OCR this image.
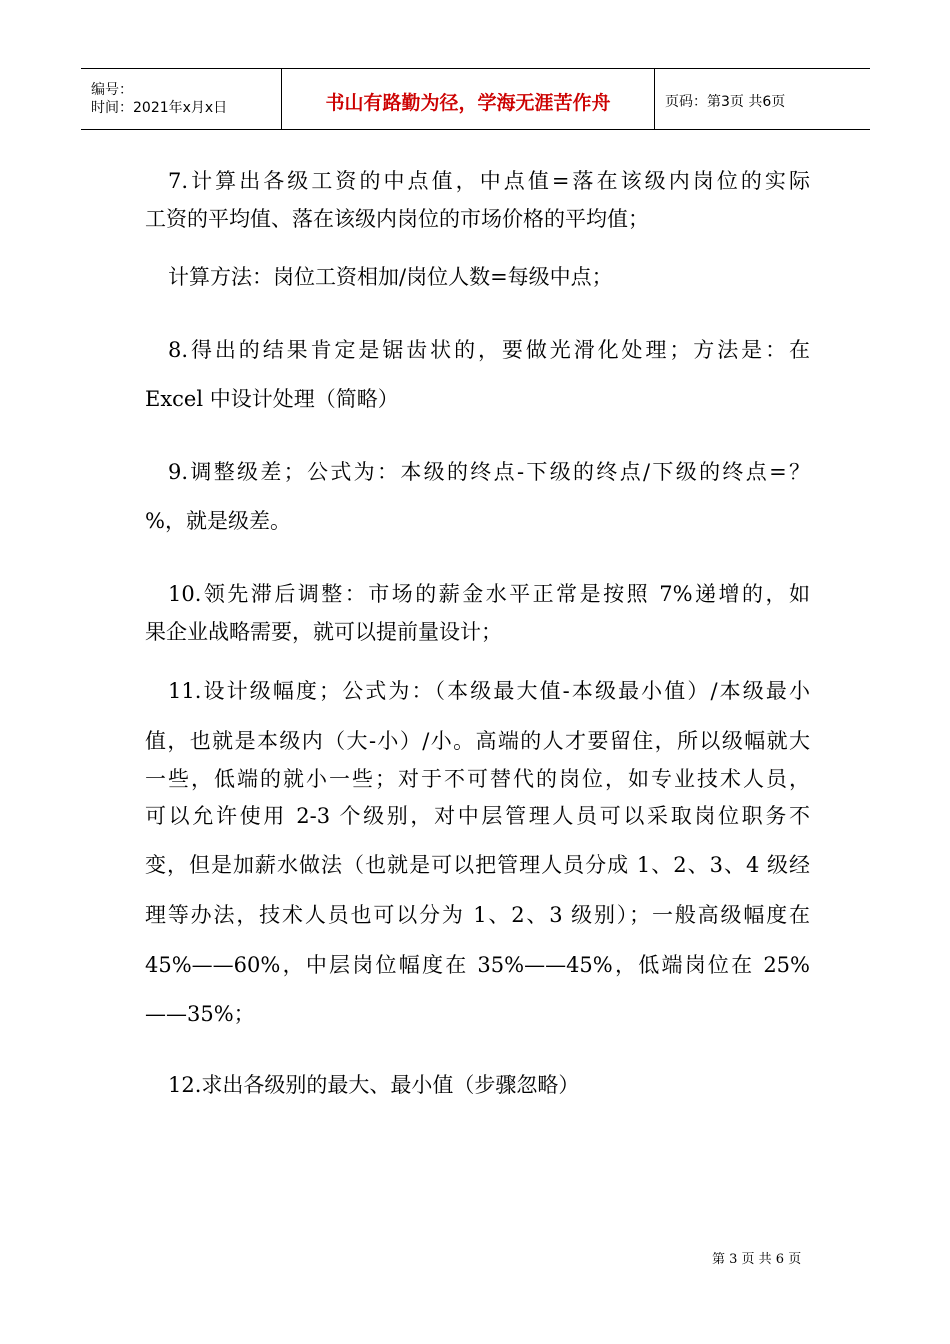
编号：
时间：2021年x月x日	书山有路勤为径，学海无涯苦作舟	页码：第3页 共6页
7.计算出各级工资的中点值，中点值=落在该级内岗位的实际
工资的平均值、落在该级内岗位的市场价格的平均值；
计算方法：岗位工资相加/岗位人数=每级中点；
8.得出的结果肯定是锯齿状的，要做光滑化处理；方法是：在
Excel 中设计处理（简略）
9.调整级差；公式为：本级的终点-下级的终点/下级的终点=？
%，就是级差。
10.领先滞后调整：市场的薪金水平正常是按照 7%递增的，如
果企业战略需要，就可以提前量设计；
11.设计级幅度；公式为：（本级最大值-本级最小值）/本级最小
值，也就是本级内（大-小）/小。高端的人才要留住，所以级幅就大
一些，低端的就小一些；对于不可替代的岗位，如专业技术人员，
可以允许使用 2-3 个级别，对中层管理人员可以采取岗位职务不
变，但是加薪水做法（也就是可以把管理人员分成 1、2、3、4 级经
理等办法，技术人员也可以分为 1、2、3 级别）；一般高级幅度在
45%——60%，中层岗位幅度在 35%——45%，低端岗位在 25%
——35%；
12.求出各级别的最大、最小值（步骤忽略）
第 3 页 共 6 页
